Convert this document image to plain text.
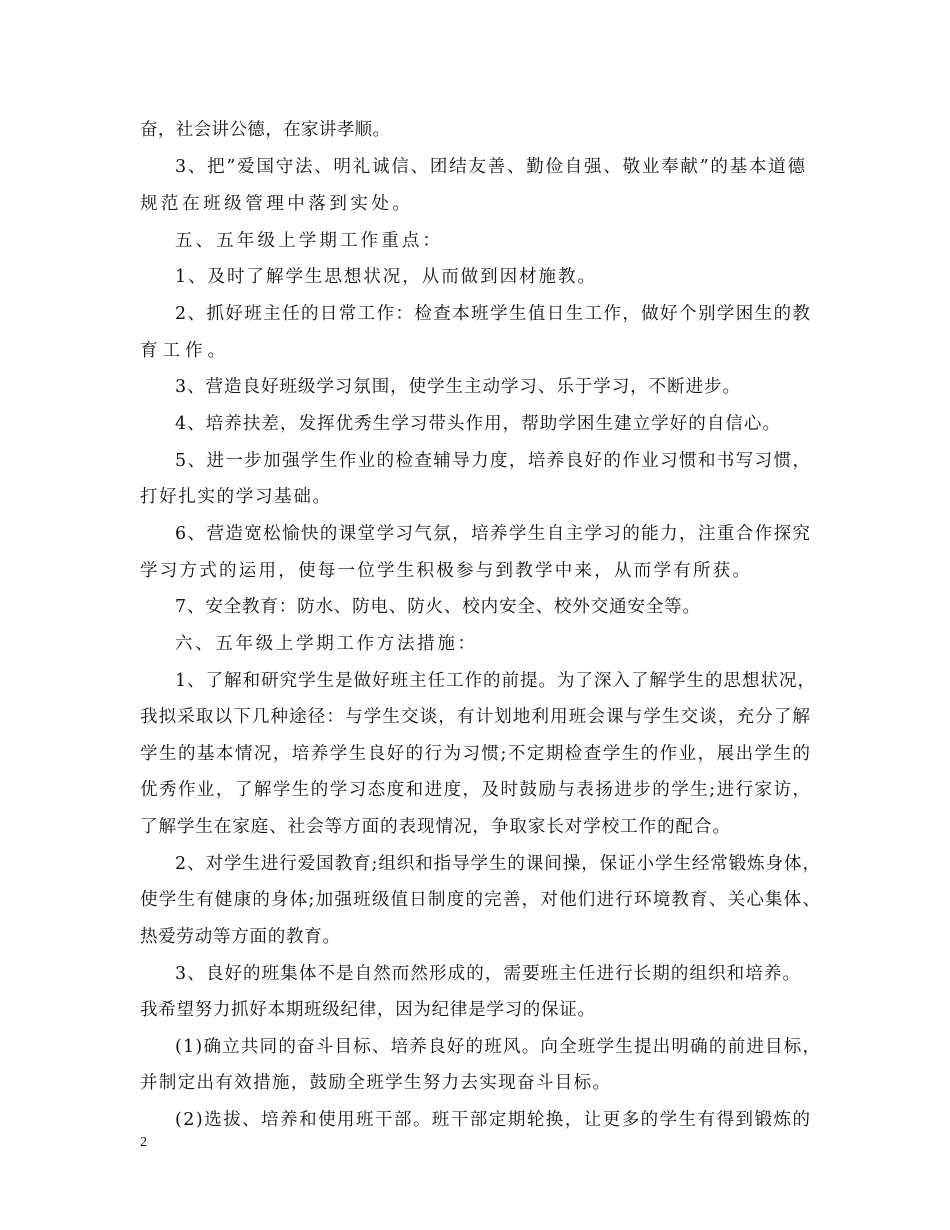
奋，社会讲公德，在家讲孝顺。
3、把”爱国守法、明礼诚信、团结友善、勤俭自强、敬业奉献”的基本道德
规范在班级管理中落到实处。
五、五年级上学期工作重点：
1、及时了解学生思想状况，从而做到因材施教。
2、抓好班主任的日常工作：检查本班学生值日生工作，做好个别学困生的教
育工作。
3、营造良好班级学习氛围，使学生主动学习、乐于学习，不断进步。
4、培养扶差，发挥优秀生学习带头作用，帮助学困生建立学好的自信心。
5、进一步加强学生作业的检查辅导力度，培养良好的作业习惯和书写习惯，
打好扎实的学习基础。
6、营造宽松愉快的课堂学习气氛，培养学生自主学习的能力，注重合作探究
学习方式的运用，使每一位学生积极参与到教学中来，从而学有所获。
7、安全教育：防水、防电、防火、校内安全、校外交通安全等。
六、五年级上学期工作方法措施：
1、了解和研究学生是做好班主任工作的前提。为了深入了解学生的思想状况，
我拟采取以下几种途径：与学生交谈，有计划地利用班会课与学生交谈，充分了解
学生的基本情况，培养学生良好的行为习惯;不定期检查学生的作业，展出学生的
优秀作业，了解学生的学习态度和进度，及时鼓励与表扬进步的学生;进行家访，
了解学生在家庭、社会等方面的表现情况，争取家长对学校工作的配合。
2、对学生进行爱国教育;组织和指导学生的课间操，保证小学生经常锻炼身体，
使学生有健康的身体;加强班级值日制度的完善，对他们进行环境教育、关心集体、
热爱劳动等方面的教育。
3、良好的班集体不是自然而然形成的，需要班主任进行长期的组织和培养。
我希望努力抓好本期班级纪律，因为纪律是学习的保证。
(1)确立共同的奋斗目标、培养良好的班风。向全班学生提出明确的前进目标，
并制定出有效措施，鼓励全班学生努力去实现奋斗目标。
(2)选拔、培养和使用班干部。班干部定期轮换，让更多的学生有得到锻炼的
2
